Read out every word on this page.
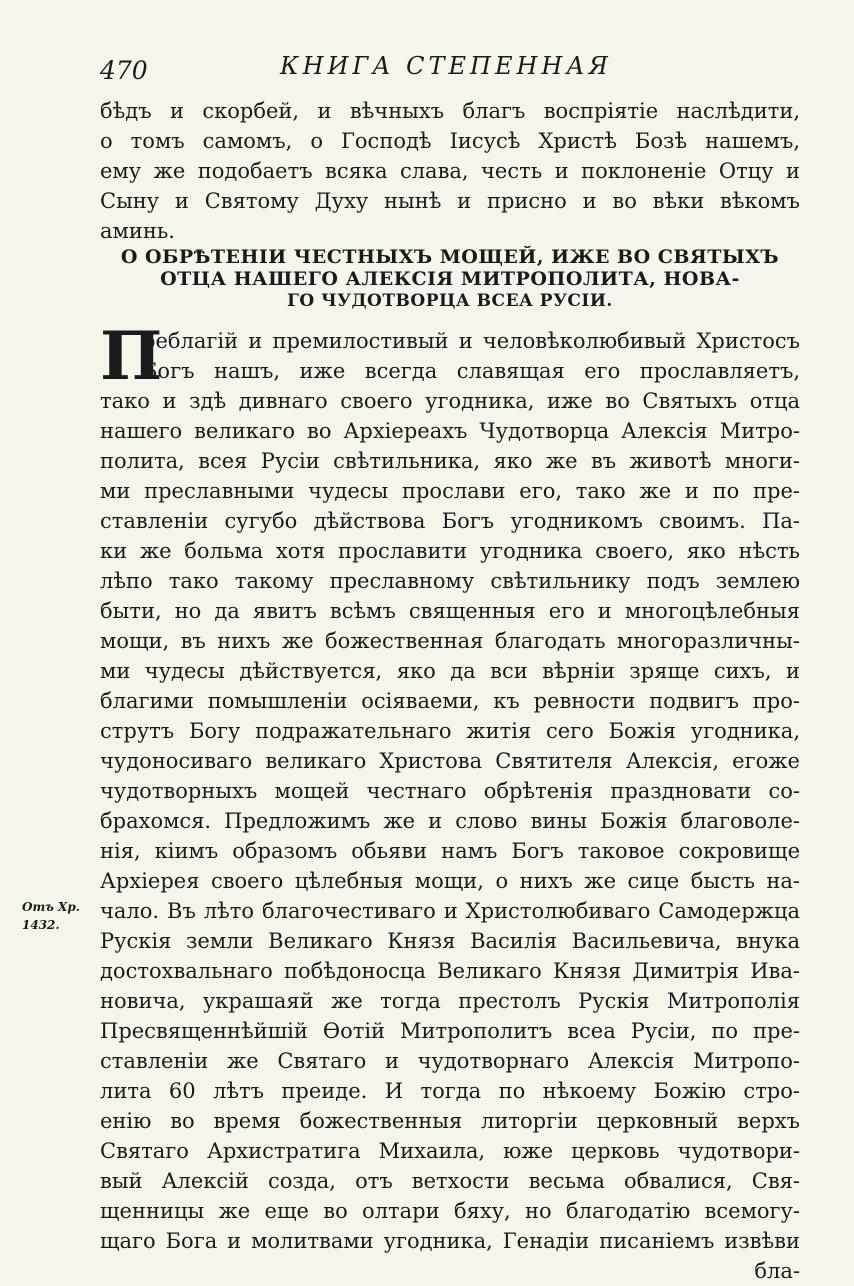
470	КНИГА СТЕПЕННАЯ
Отъ Хр.
1432.
бѣдъ и скорбей, и вѣчныхъ благъ воспріятіе наслѣдити,
о томъ самомъ, о Господѣ Іисусѣ Христѣ Бозѣ нашемъ,
ему же подобаетъ всяка слава, честь и поклоненіе Отцу и
Сыну и Святому Духу нынѣ и присно и во вѣки вѣкомъ
аминь.
О ОБРѢТЕНІИ ЧЕСТНЫХЪ МОЩЕЙ, ИЖЕ ВО СВЯТЫХЪ
ОТЦА НАШЕГО АЛЕКСІЯ МИТРОПОЛИТА, НОВА-
ГО ЧУДОТВОРЦА ВСЕА РУСІИ.
П
реблагій и премилостивый и человѣколюбивый Христосъ
Богъ нашъ, иже всегда славящая его прославляетъ,
тако и здѣ дивнаго своего угодника, иже во Святыхъ отца
нашего великаго во Архіереахъ Чудотворца Алексія Митро-
полита, всея Русіи свѣтильника, яко же въ животѣ многи-
ми преславными чудесы прослави его, тако же и по пре-
ставленіи сугубо дѣйствова Богъ угодникомъ своимъ. Па-
ки же больма хотя прославити угодника своего, яко нѣсть
лѣпо тако такому преславному свѣтильнику подъ землею
быти, но да явитъ всѣмъ священныя его и многоцѣлебныя
мощи, въ нихъ же божественная благодать многоразличны-
ми чудесы дѣйствуется, яко да вси вѣрніи зряще сихъ, и
благими помышленіи осіяваеми, къ ревности подвигъ про-
струтъ Богу подражательнаго житія сего Божія угодника,
чудоносиваго великаго Христова Святителя Алексія, егоже
чудотворныхъ мощей честнаго обрѣтенія праздновати со-
брахомся. Предложимъ же и слово вины Божія благоволе-
нія, кіимъ образомъ обьяви намъ Богъ таковое сокровище
Архіерея своего цѣлебныя мощи, о нихъ же сице бысть на-
чало. Въ лѣто благочестиваго и Христолюбиваго Самодержца
Рускія земли Великаго Князя Василія Васильевича, внука
достохвальнаго побѣдоносца Великаго Князя Димитрія Ива-
новича, украшаяй же тогда престолъ Рускія Митрополія
Пресвященнѣйшій Ѳотій Митрополитъ всеа Русіи, по пре-
ставленіи же Святаго и чудотворнаго Алексія Митропо-
лита 60 лѣтъ преиде. И тогда по нѣкоему Божію стро-
енію во время божественныя литоргіи церковный верхъ
Святаго Архистратига Михаила, юже церковь чудотвори-
вый Алексій созда, отъ ветхости весьма обвалися, Свя-
щенницы же еще во олтари бяху, но благодатію всемогу-
щаго Бога и молитвами угодника, Генадіи писаніемъ извѣви
бла-
